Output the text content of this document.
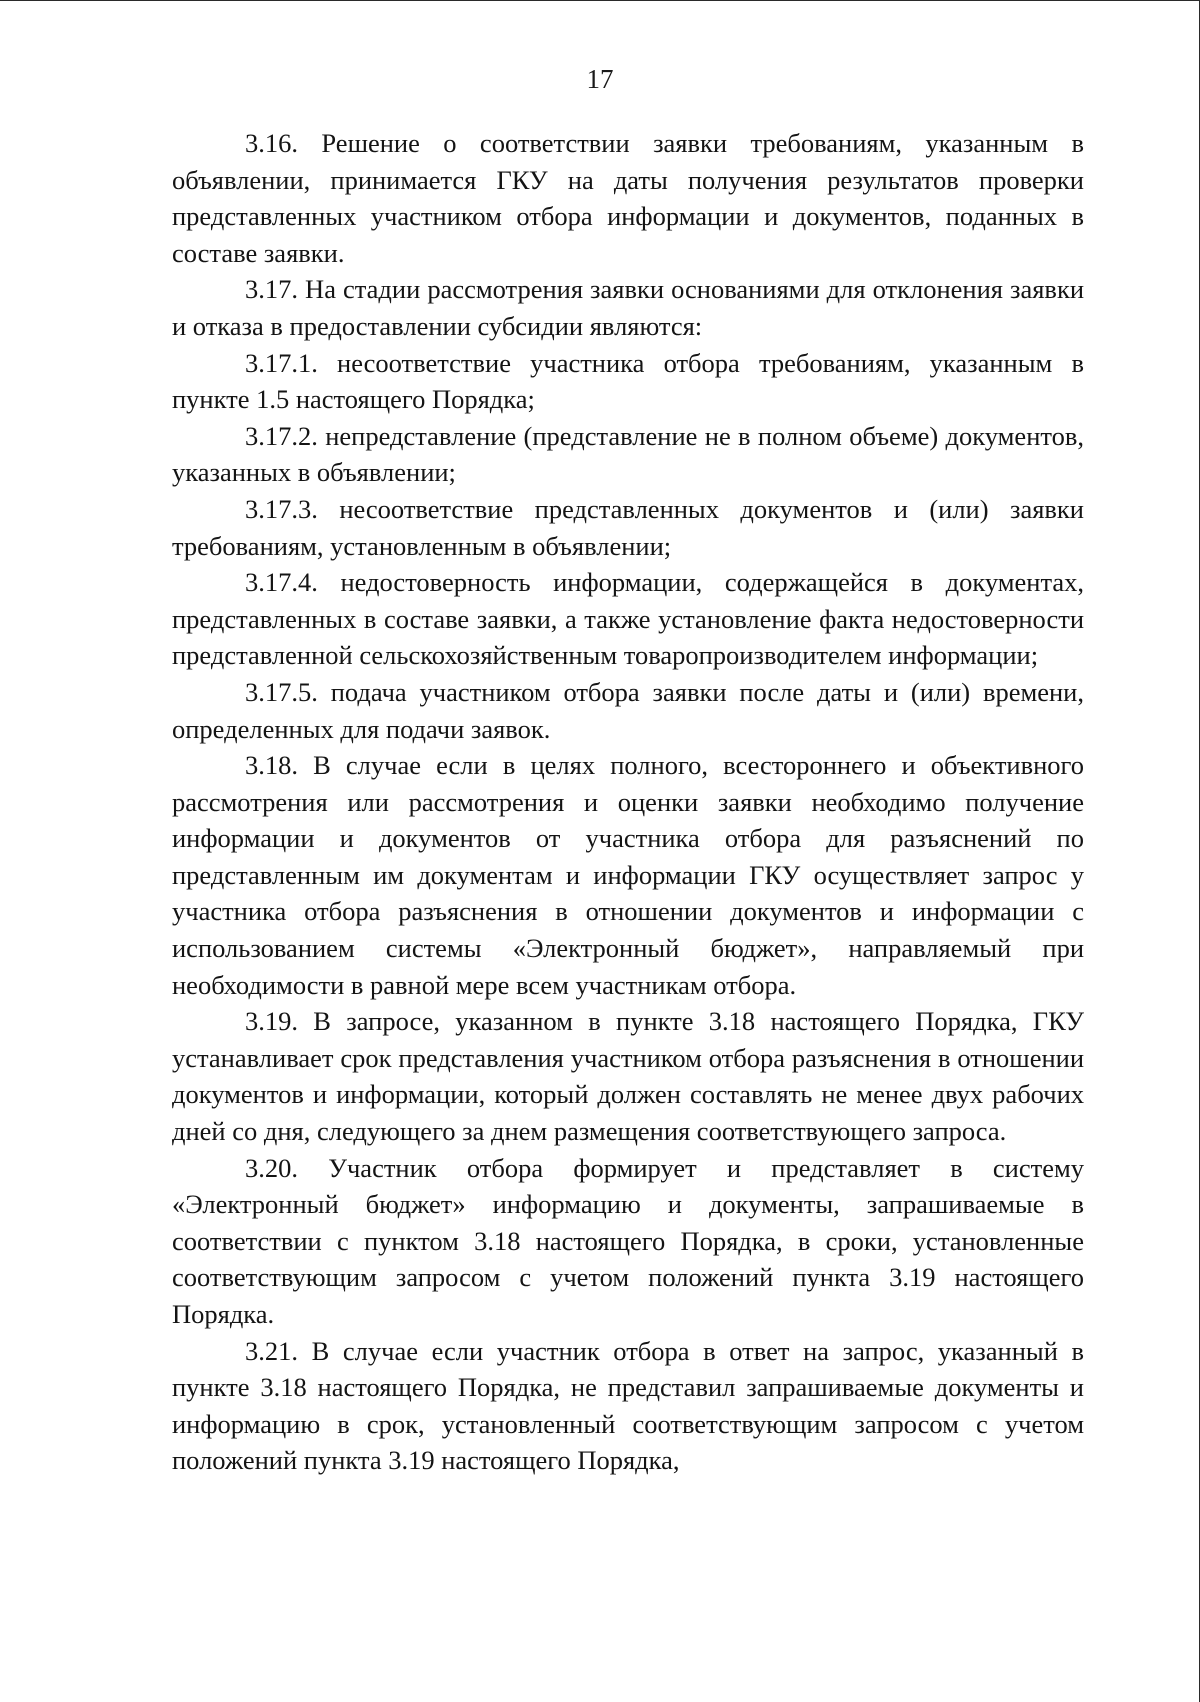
17

3.16. Решение о соответствии заявки требованиям, указанным в объявлении, принимается ГКУ на даты получения результатов проверки представленных участником отбора информации и документов, поданных в составе заявки.

3.17. На стадии рассмотрения заявки основаниями для отклонения заявки и отказа в предоставлении субсидии являются:

3.17.1. несоответствие участника отбора требованиям, указанным в пункте 1.5 настоящего Порядка;

3.17.2. непредставление (представление не в полном объеме) документов, указанных в объявлении;

3.17.3. несоответствие представленных документов и (или) заявки требованиям, установленным в объявлении;

3.17.4. недостоверность информации, содержащейся в документах, представленных в составе заявки, а также установление факта недостоверности представленной сельскохозяйственным товаропроизводителем информации;

3.17.5. подача участником отбора заявки после даты и (или) времени, определенных для подачи заявок.

3.18. В случае если в целях полного, всестороннего и объективного рассмотрения или рассмотрения и оценки заявки необходимо получение информации и документов от участника отбора для разъяснений по представленным им документам и информации ГКУ осуществляет запрос у участника отбора разъяснения в отношении документов и информации с использованием системы «Электронный бюджет», направляемый при необходимости в равной мере всем участникам отбора.

3.19. В запросе, указанном в пункте 3.18 настоящего Порядка, ГКУ устанавливает срок представления участником отбора разъяснения в отношении документов и информации, который должен составлять не менее двух рабочих дней со дня, следующего за днем размещения соответствующего запроса.

3.20. Участник отбора формирует и представляет в систему «Электронный бюджет» информацию и документы, запрашиваемые в соответствии с пунктом 3.18 настоящего Порядка, в сроки, установленные соответствующим запросом с учетом положений пункта 3.19 настоящего Порядка.

3.21. В случае если участник отбора в ответ на запрос, указанный в пункте 3.18 настоящего Порядка, не представил запрашиваемые документы и информацию в срок, установленный соответствующим запросом с учетом положений пункта 3.19 настоящего Порядка,
